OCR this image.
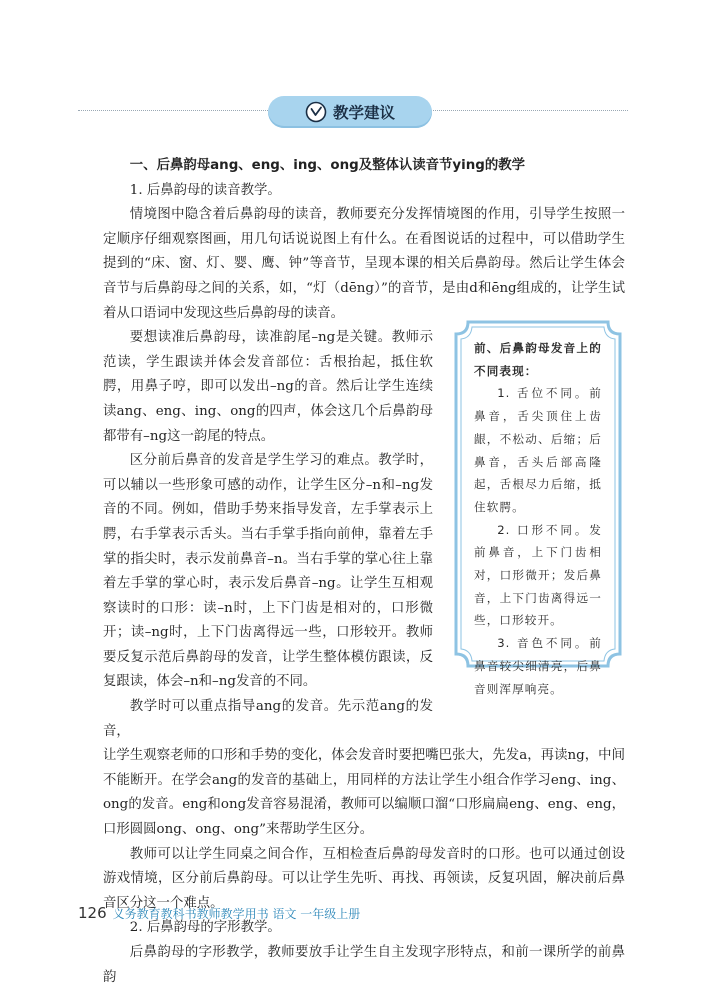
教学建议

一、后鼻韵母ang、eng、ing、ong及整体认读音节ying的教学

1. 后鼻韵母的读音教学。

情境图中隐含着后鼻韵母的读音，教师要充分发挥情境图的作用，引导学生按照一定顺序仔细观察图画，用几句话说说图上有什么。在看图说话的过程中，可以借助学生提到的“床、窗、灯、婴、鹰、钟”等音节，呈现本课的相关后鼻韵母。然后让学生体会音节与后鼻韵母之间的关系，如，“灯（dēng）”的音节，是由d和ēng组成的，让学生试着从口语词中发现这些后鼻韵母的读音。

要想读准后鼻韵母，读准韵尾–ng是关键。教师示范读，学生跟读并体会发音部位：舌根抬起，抵住软腭，用鼻子哼，即可以发出–ng的音。然后让学生连续读ang、eng、ing、ong的四声，体会这几个后鼻韵母都带有–ng这一韵尾的特点。

区分前后鼻音的发音是学生学习的难点。教学时，可以辅以一些形象可感的动作，让学生区分–n和–ng发音的不同。例如，借助手势来指导发音，左手掌表示上腭，右手掌表示舌头。当右手掌手指向前伸，靠着左手掌的指尖时，表示发前鼻音–n。当右手掌的掌心往上靠着左手掌的掌心时，表示发后鼻音–ng。让学生互相观察读时的口形：读–n时，上下门齿是相对的，口形微开；读–ng时，上下门齿离得远一些，口形较开。教师要反复示范后鼻韵母的发音，让学生整体模仿跟读，反复跟读，体会–n和–ng发音的不同。

教学时可以重点指导ang的发音。先示范ang的发音，

让学生观察老师的口形和手势的变化，体会发音时要把嘴巴张大，先发a，再读ng，中间不能断开。在学会ang的发音的基础上，用同样的方法让学生小组合作学习eng、ing、ong的发音。eng和ong发音容易混淆，教师可以编顺口溜“口形扁扁eng、eng、eng，口形圆圆ong、ong、ong”来帮助学生区分。

教师可以让学生同桌之间合作，互相检查后鼻韵母发音时的口形。也可以通过创设游戏情境，区分前后鼻韵母。可以让学生先听、再找、再领读，反复巩固，解决前后鼻音区分这一个难点。

2. 后鼻韵母的字形教学。

后鼻韵母的字形教学，教师要放手让学生自主发现字形特点，和前一课所学的前鼻韵

前、后鼻韵母发音上的不同表现：

1. 舌位不同。前鼻音，舌尖顶住上齿龈，不松动、后缩；后鼻音，舌头后部高隆起，舌根尽力后缩，抵住软腭。

2. 口形不同。发前鼻音，上下门齿相对，口形微开；发后鼻音，上下门齿离得远一些，口形较开。

3. 音色不同。前鼻音较尖细清亮，后鼻音则浑厚响亮。

126 义务教育教科书教师教学用书 语文 一年级上册
